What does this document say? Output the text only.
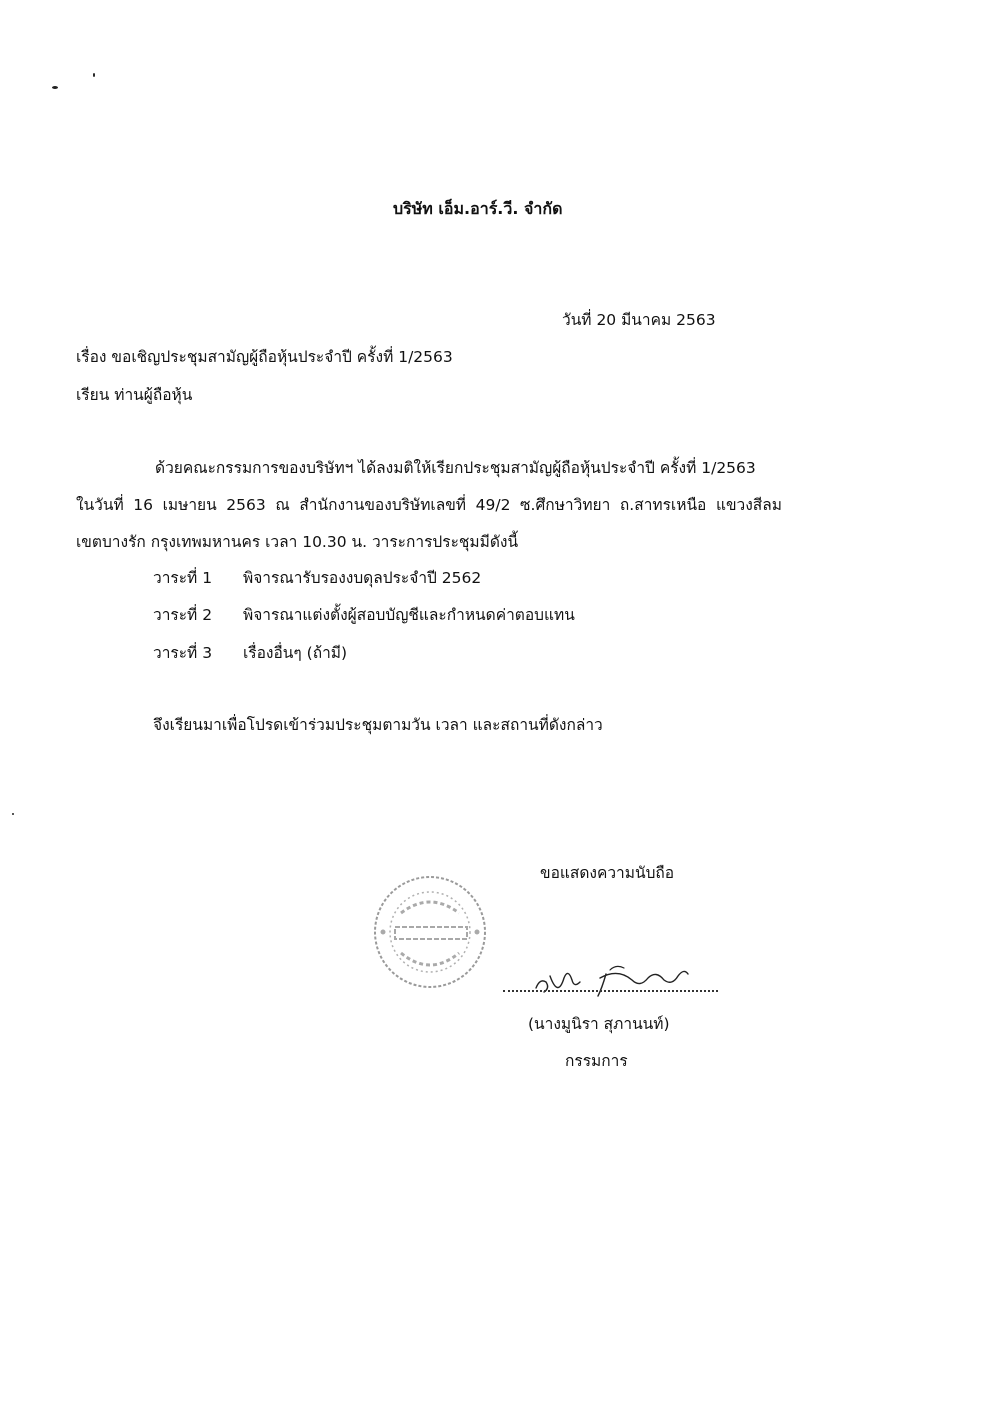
บริษัท เอ็ม.อาร์.วี. จำกัด
วันที่ 20 มีนาคม 2563
เรื่อง ขอเชิญประชุมสามัญผู้ถือหุ้นประจำปี ครั้งที่ 1/2563
เรียน ท่านผู้ถือหุ้น
ด้วยคณะกรรมการของบริษัทฯ ได้ลงมติให้เรียกประชุมสามัญผู้ถือหุ้นประจำปี ครั้งที่ 1/2563
ในวันที่ 16 เมษายน 2563 ณ สำนักงานของบริษัทเลขที่ 49/2 ซ.ศึกษาวิทยา ถ.สาทรเหนือ แขวงสีลม
เขตบางรัก กรุงเทพมหานคร เวลา 10.30 น. วาระการประชุมมีดังนี้
วาระที่ 1 พิจารณารับรองงบดุลประจำปี 2562
วาระที่ 2 พิจารณาแต่งตั้งผู้สอบบัญชีและกำหนดค่าตอบแทน
วาระที่ 3 เรื่องอื่นๆ (ถ้ามี)
จึงเรียนมาเพื่อโปรดเข้าร่วมประชุมตามวัน เวลา และสถานที่ดังกล่าว
ขอแสดงความนับถือ
(นางมูนิรา สุภานนท์)
กรรมการ
